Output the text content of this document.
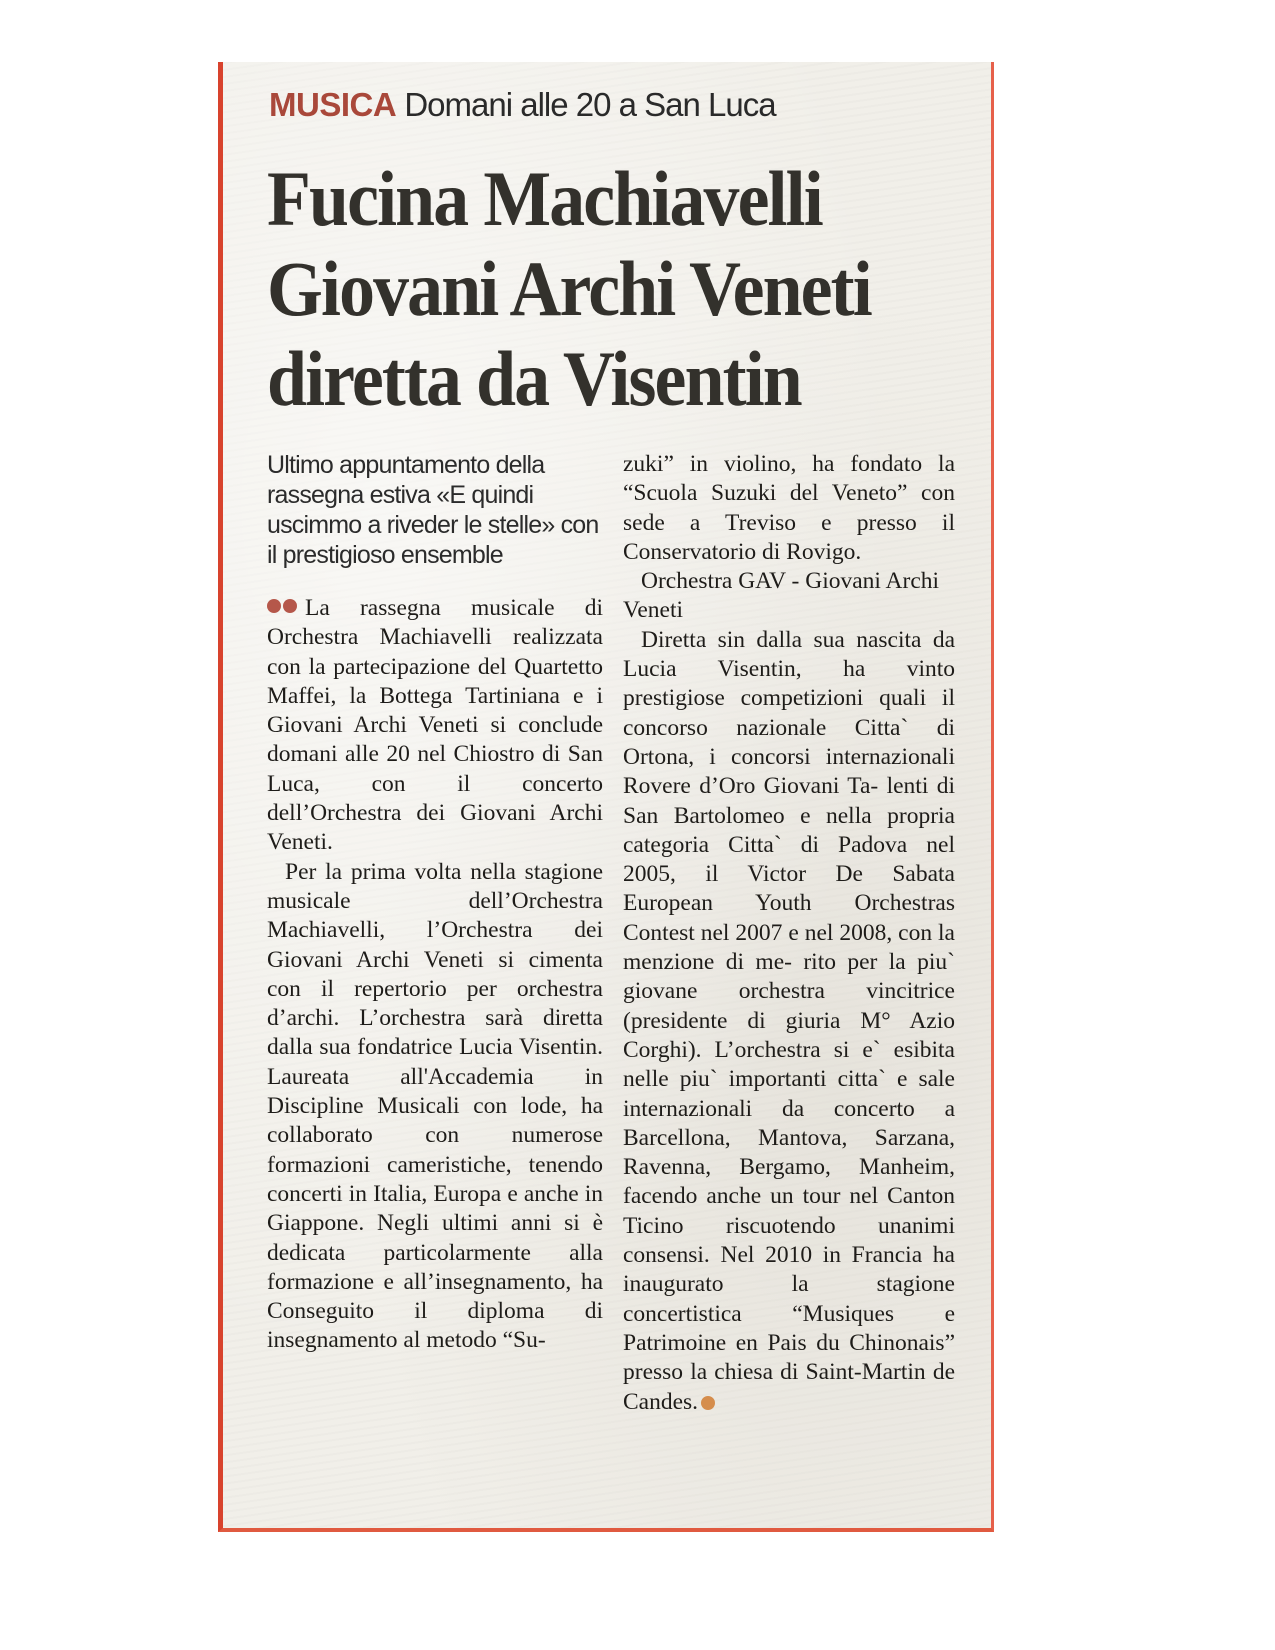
MUSICA Domani alle 20 a San Luca
Fucina Machiavelli
Giovani Archi Veneti
diretta da Visentin
Ultimo appuntamento della rassegna estiva «E quindi uscimmo a riveder le stelle» con il prestigioso ensemble

La rassegna musicale di Orchestra Machiavelli realizzata con la partecipazione del Quartetto Maffei, la Bottega Tartiniana e i Giovani Archi Veneti si conclude domani alle 20 nel Chiostro di San Luca, con il concerto dell’Orchestra dei Giovani Archi Veneti.

Per la prima volta nella stagione musicale dell’Orchestra Machiavelli, l’Orchestra dei Giovani Archi Veneti si cimenta con il repertorio per orchestra d’archi. L’orchestra sarà diretta dalla sua fondatrice Lucia Visentin. Laureata all'Accademia in Discipline Musicali con lode, ha collaborato con numerose formazioni cameristiche, tenendo concerti in Italia, Europa e anche in Giappone. Negli ultimi anni si è dedicata particolarmente alla formazione e all’insegnamento, ha Conseguito il diploma di insegnamento al metodo “Su-

zuki” in violino, ha fondato la “Scuola Suzuki del Veneto” con sede a Treviso e presso il Conservatorio di Rovigo.

Orchestra GAV - Giovani Archi Veneti

Diretta sin dalla sua nascita da Lucia Visentin, ha vinto prestigiose competizioni quali il concorso nazionale Citta` di Ortona, i concorsi internazionali Rovere d’Oro Giovani Ta- lenti di San Bartolomeo e nella propria categoria Citta` di Padova nel 2005, il Victor De Sabata European Youth Orchestras Contest nel 2007 e nel 2008, con la menzione di me- rito per la piu` giovane orchestra vincitrice (presidente di giuria M° Azio Corghi). L’orchestra si e` esibita nelle piu` importanti citta` e sale internazionali da concerto a Barcellona, Mantova, Sarzana, Ravenna, Bergamo, Manheim, facendo anche un tour nel Canton Ticino riscuotendo unanimi consensi. Nel 2010 in Francia ha inaugurato la stagione concertistica “Musiques e Patrimoine en Pais du Chinonais” presso la chiesa di Saint-Martin de Candes.
